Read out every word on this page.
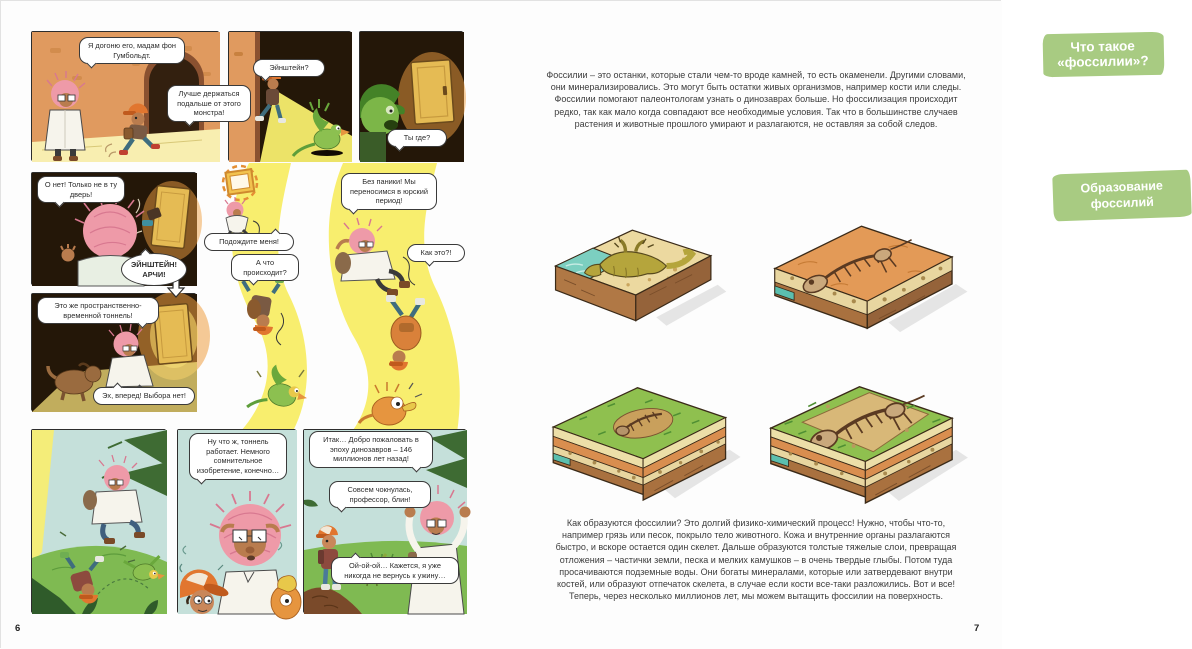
Я догоню его, мадам фон Гумбольдт.
Лучше держаться подальше от этого монстра!
Эйнштейн?
Ты где?
О нет! Только не в ту дверь!
ЭЙНШТЕЙН! АРЧИ!
Это же пространственно-временной тоннель!
Эх, вперед! Выбора нет!
Подождите меня!
А что происходит?
Без паники! Мы переносимся в юрский период!
Как это?!
Ну что ж, тоннель работает. Немного сомнительное изобретение, конечно…
Итак… Добро пожаловать в эпоху динозавров – 146 миллионов лет назад!
Совсем чокнулась, профессор, блин!
Ой-ой-ой… Кажется, я уже никогда не вернусь к ужину…
6
Что такое «фоссилии»?
Фоссилии – это останки, которые стали чем-то вроде камней, то есть окаменели. Другими словами, они минерализировались. Это могут быть остатки живых организмов, например кости или следы. Фоссилии помогают палеонтологам узнать о динозаврах больше. Но фоссилизация происходит редко, так как мало когда совпадают все необходимые условия. Так что в большинстве случаев растения и животные прошлого умирают и разлагаются, не оставляя за собой следов.
Образование
фоссилий
Как образуются фоссилии? Это долгий физико-химический процесс! Нужно, чтобы что-то, например грязь или песок, покрыло тело животного. Кожа и внутренние органы разлагаются быстро, и вскоре остается один скелет. Дальше образуются толстые тяжелые слои, превращая отложения – частички земли, песка и мелких камушков – в очень твердые глыбы. Потом туда просачиваются подземные воды. Они богаты минералами, которые или затвердевают внутри костей, или образуют отпечаток скелета, в случае если кости все-таки разложились. Вот и все! Теперь, через несколько миллионов лет, мы можем вытащить фоссилии на поверхность.
7
